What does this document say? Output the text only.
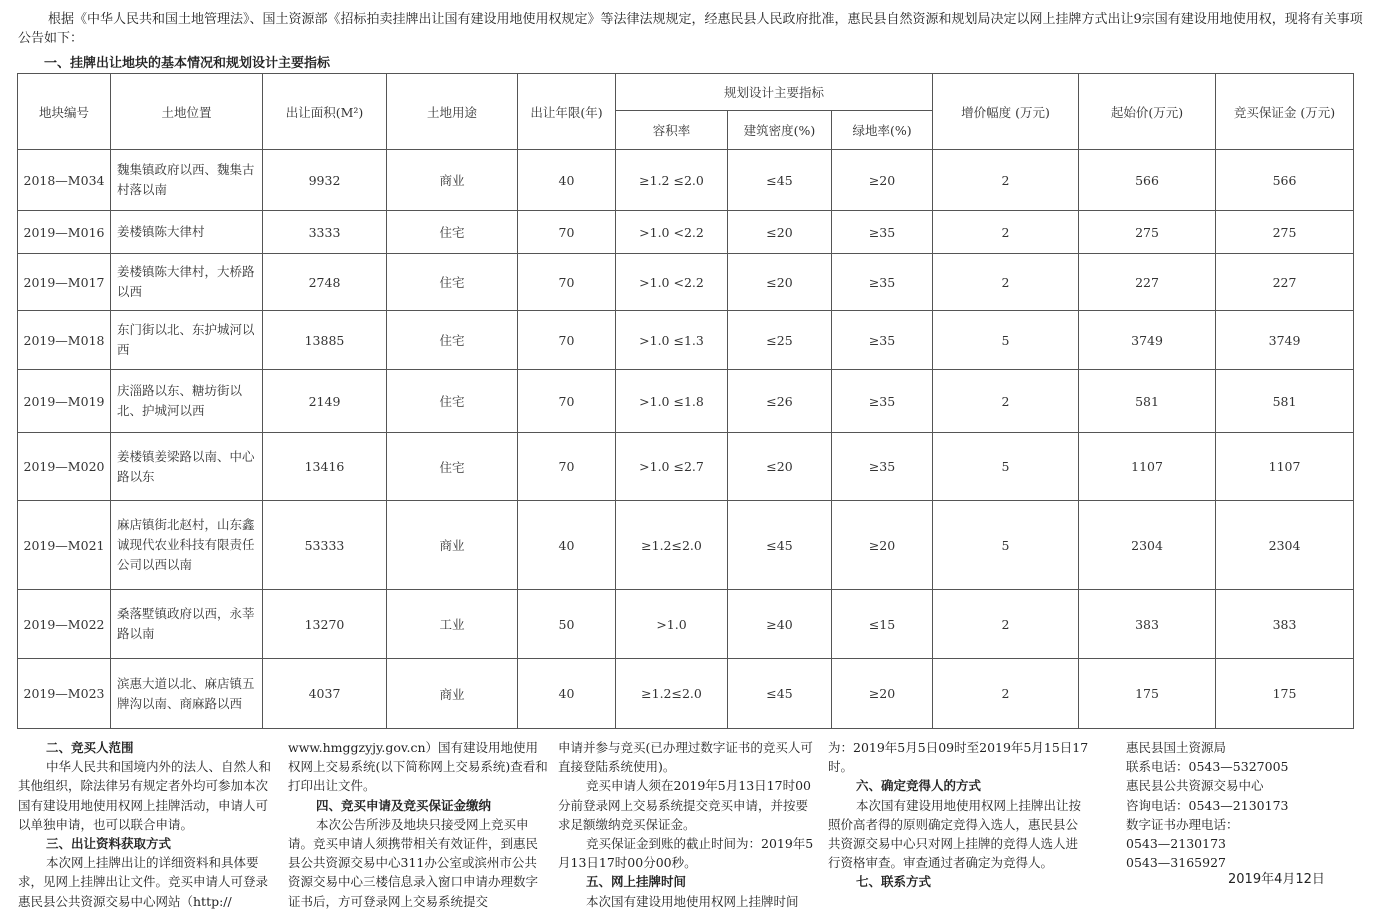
根据《中华人民共和国土地管理法》、国土资源部《招标拍卖挂牌出让国有建设用地使用权规定》等法律法规规定，经惠民县人民政府批准，惠民县自然资源和规划局决定以网上挂牌方式出让9宗国有建设用地使用权，现将有关事项公告如下：

一、挂牌出让地块的基本情况和规划设计主要指标
地块编号	土地位置	出让面积(M²)	土地用途	出让年限(年)	规划设计主要指标			增价幅度 (万元)	起始价(万元)	竞买保证金 (万元)
					容积率	建筑密度(%)	绿地率(%)			
2018—M034	魏集镇政府以西、魏集古村落以南	9932	商业	40	≥1.2 ≤2.0	≤45	≥20	2	566	566
2019—M016	姜楼镇陈大律村	3333	住宅	70	>1.0 <2.2	≤20	≥35	2	275	275
2019—M017	姜楼镇陈大律村，大桥路以西	2748	住宅	70	>1.0 <2.2	≤20	≥35	2	227	227
2019—M018	东门街以北、东护城河以西	13885	住宅	70	>1.0 ≤1.3	≤25	≥35	5	3749	3749
2019—M019	庆淄路以东、糖坊街以北、护城河以西	2149	住宅	70	>1.0 ≤1.8	≤26	≥35	2	581	581
2019—M020	姜楼镇姜梁路以南、中心路以东	13416	住宅	70	>1.0 ≤2.7	≤20	≥35	5	1107	1107
2019—M021	麻店镇街北赵村，山东鑫诚现代农业科技有限责任公司以西以南	53333	商业	40	≥1.2≤2.0	≤45	≥20	5	2304	2304
2019—M022	桑落墅镇政府以西，永莘路以南	13270	工业	50	>1.0	≥40	≤15	2	383	383
2019—M023	滨惠大道以北、麻店镇五牌沟以南、商麻路以西	4037	商业	40	≥1.2≤2.0	≤45	≥20	2	175	175
二、竞买人范围

中华人民共和国境内外的法人、自然人和其他组织，除法律另有规定者外均可参加本次国有建设用地使用权网上挂牌活动，申请人可以单独申请，也可以联合申请。

三、出让资料获取方式

本次网上挂牌出让的详细资料和具体要求，见网上挂牌出让文件。竞买申请人可登录惠民县公共资源交易中心网站（http://

www.hmggzyjy.gov.cn）国有建设用地使用权网上交易系统(以下简称网上交易系统)查看和打印出让文件。

四、竞买申请及竞买保证金缴纳

本次公告所涉及地块只接受网上竞买申请。竞买申请人须携带相关有效证件，到惠民县公共资源交易中心311办公室或滨州市公共资源交易中心三楼信息录入窗口申请办理数字证书后，方可登录网上交易系统提交

申请并参与竞买(已办理过数字证书的竞买人可直接登陆系统使用)。

竞买申请人须在2019年5月13日17时00分前登录网上交易系统提交竞买申请，并按要求足额缴纳竞买保证金。

竞买保证金到账的截止时间为：2019年5月13日17时00分00秒。

五、网上挂牌时间

本次国有建设用地使用权网上挂牌时间

为：2019年5月5日09时至2019年5月15日17时。

六、确定竞得人的方式

本次国有建设用地使用权网上挂牌出让按照价高者得的原则确定竞得入选人，惠民县公共资源交易中心只对网上挂牌的竞得人选人进行资格审查。审查通过者确定为竞得人。

七、联系方式
惠民县国土资源局
联系电话：0543—5327005
惠民县公共资源交易中心
咨询电话：0543—2130173
数字证书办理电话：
0543—2130173
0543—3165927
2019年4月12日
